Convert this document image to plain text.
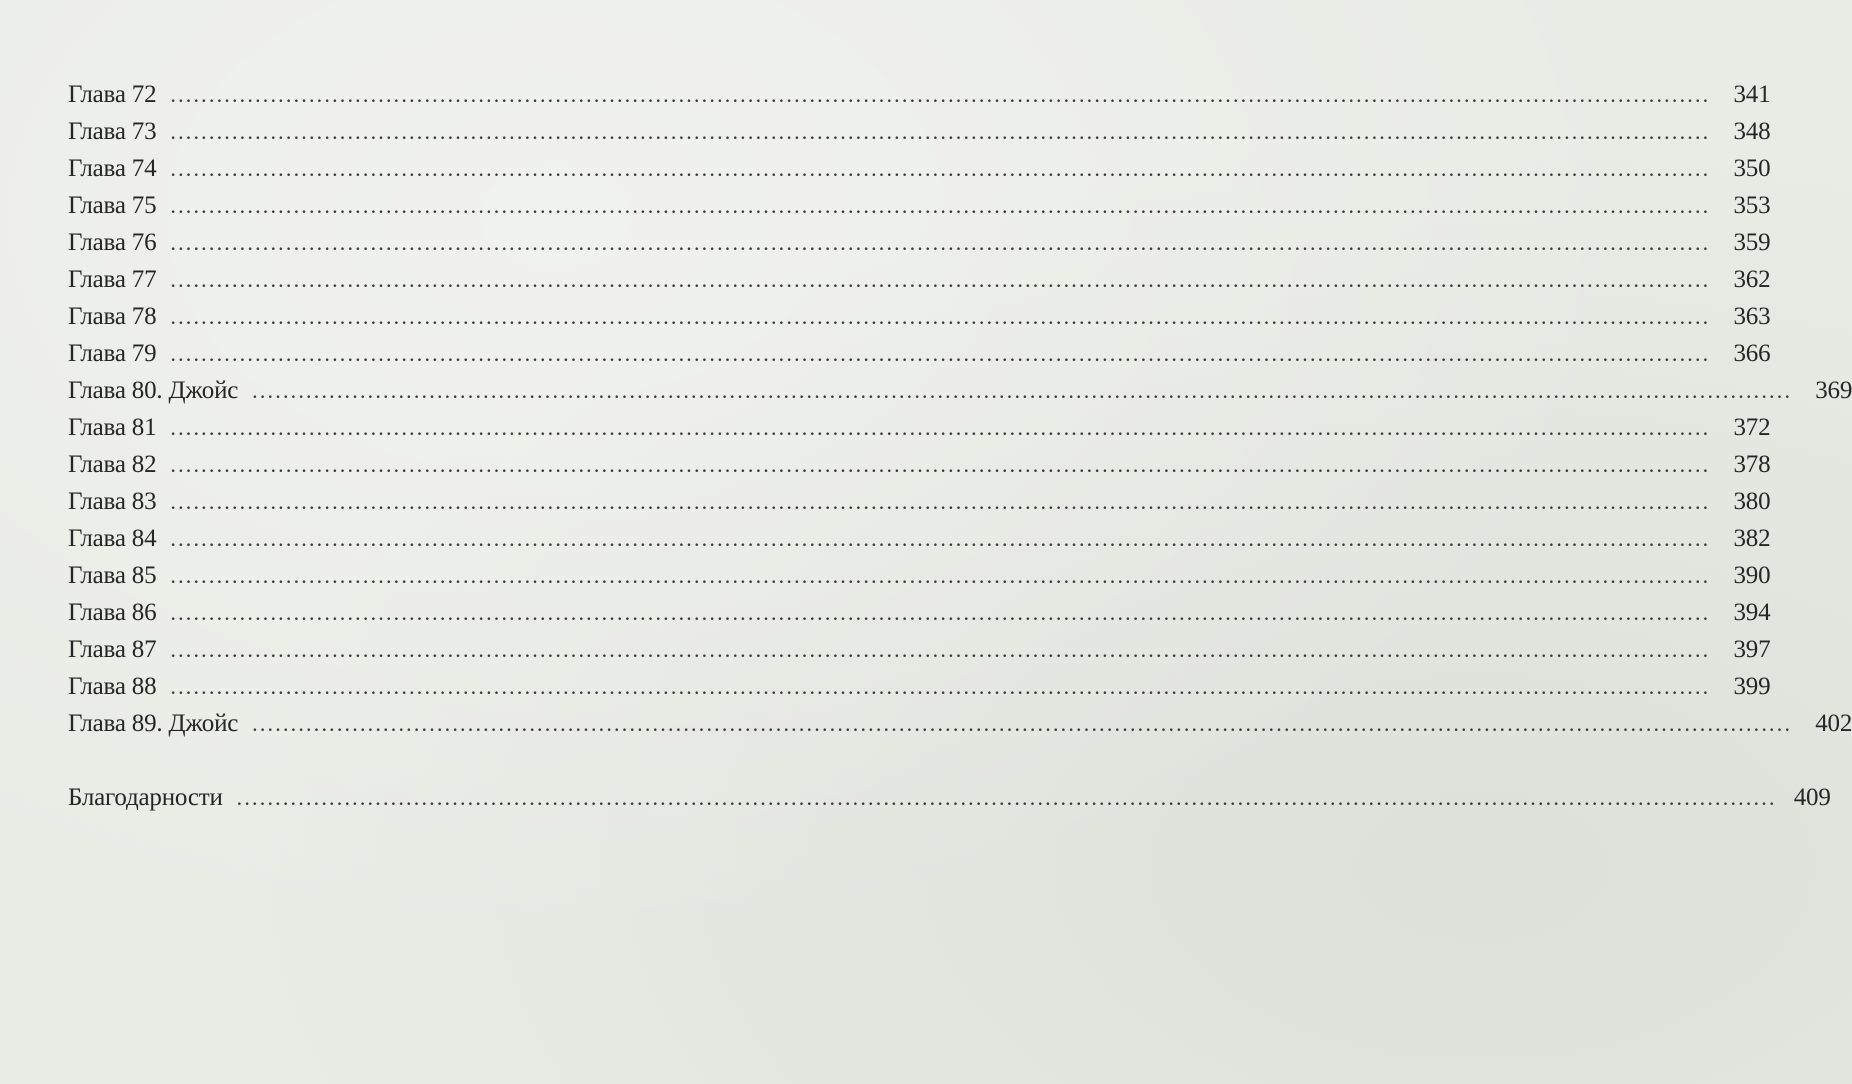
Глава 72 ........................................................................................................................................................................................................ 341
Глава 73 ........................................................................................................................................................................................................ 348
Глава 74 ........................................................................................................................................................................................................ 350
Глава 75 ........................................................................................................................................................................................................ 353
Глава 76 ........................................................................................................................................................................................................ 359
Глава 77 ........................................................................................................................................................................................................ 362
Глава 78 ........................................................................................................................................................................................................ 363
Глава 79 ........................................................................................................................................................................................................ 366
Глава 80. Джойс ........................................................................................................................................................................................................ 369
Глава 81 ........................................................................................................................................................................................................ 372
Глава 82 ........................................................................................................................................................................................................ 378
Глава 83 ........................................................................................................................................................................................................ 380
Глава 84 ........................................................................................................................................................................................................ 382
Глава 85 ........................................................................................................................................................................................................ 390
Глава 86 ........................................................................................................................................................................................................ 394
Глава 87 ........................................................................................................................................................................................................ 397
Глава 88 ........................................................................................................................................................................................................ 399
Глава 89. Джойс ........................................................................................................................................................................................................ 402
Благодарности ........................................................................................................................................................................................................ 409
